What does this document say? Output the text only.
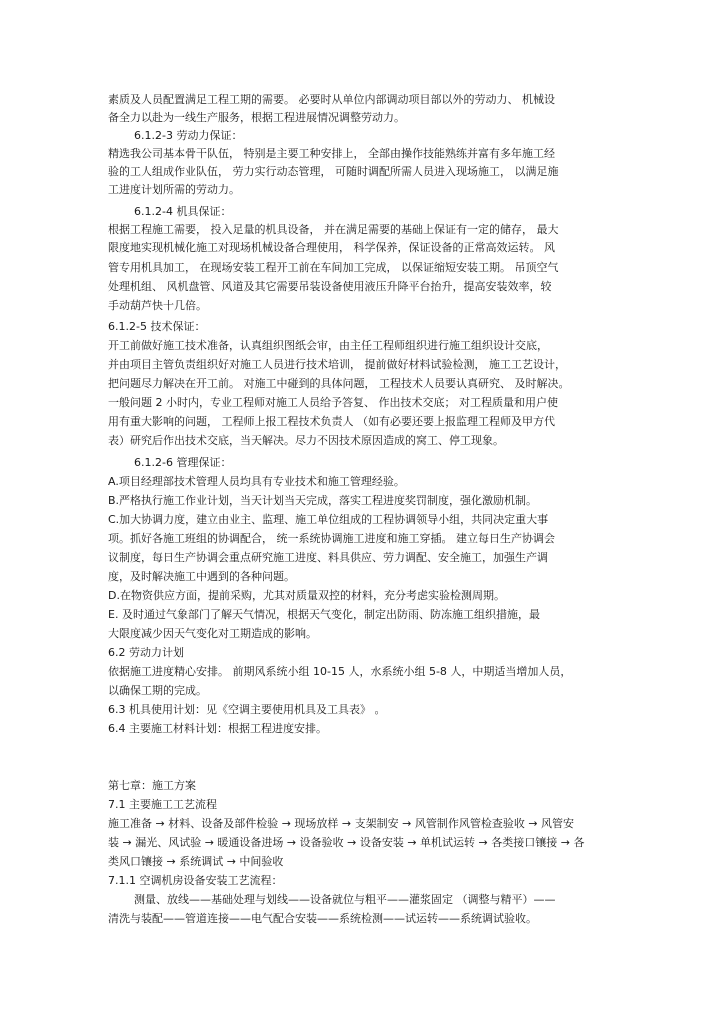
素质及人员配置满足工程工期的需要。 必要时从单位内部调动项目部以外的劳动力、 机械设
备全力以赴为一线生产服务，根据工程进展情况调整劳动力。
6.1.2-3 劳动力保证：
精选我公司基本骨干队伍， 特别是主要工种安排上， 全部由操作技能熟练并富有多年施工经
验的工人组成作业队伍， 劳力实行动态管理， 可随时调配所需人员进入现场施工， 以满足施
工进度计划所需的劳动力。
6.1.2-4 机具保证：
根据工程施工需要， 投入足量的机具设备， 并在满足需要的基础上保证有一定的储存， 最大
限度地实现机械化施工对现场机械设备合理使用， 科学保养，保证设备的正常高效运转。 风
管专用机具加工， 在现场安装工程开工前在车间加工完成， 以保证缩短安装工期。 吊顶空气
处理机组、 风机盘管、风道及其它需要吊装设备使用液压升降平台抬升，提高安装效率，较
手动葫芦快十几倍。
6.1.2-5 技术保证：
开工前做好施工技术准备，认真组织图纸会审，由主任工程师组织进行施工组织设计交底，
并由项目主管负责组织好对施工人员进行技术培训， 提前做好材料试验检测， 施工工艺设计，
把问题尽力解决在开工前。 对施工中碰到的具体问题， 工程技术人员要认真研究、 及时解决。
一般问题 2 小时内，专业工程师对施工人员给予答复、 作出技术交底； 对工程质量和用户使
用有重大影响的问题， 工程师上报工程技术负责人 （如有必要还要上报监理工程师及甲方代
表）研究后作出技术交底，当天解决。尽力不因技术原因造成的窝工、停工现象。
6.1.2-6 管理保证：
A.项目经理部技术管理人员均具有专业技术和施工管理经验。
B.严格执行施工作业计划，当天计划当天完成，落实工程进度奖罚制度，强化激励机制。
C.加大协调力度，建立由业主、监理、施工单位组成的工程协调领导小组，共同决定重大事
项。抓好各施工班组的协调配合， 统一系统协调施工进度和施工穿插。 建立每日生产协调会
议制度，每日生产协调会重点研究施工进度、料具供应、劳力调配、安全施工，加强生产调
度，及时解决施工中遇到的各种问题。
D.在物资供应方面，提前采购，尤其对质量双控的材料，充分考虑实验检测周期。
E. 及时通过气象部门了解天气情况，根据天气变化，制定出防雨、防冻施工组织措施，最
大限度减少因天气变化对工期造成的影响。
6.2 劳动力计划
依据施工进度精心安排。 前期风系统小组 10-15 人，水系统小组 5-8 人，中期适当增加人员，
以确保工期的完成。
6.3 机具使用计划：见《空调主要使用机具及工具表》 。
6.4 主要施工材料计划：根据工程进度安排。
第七章：施工方案
7.1 主要施工工艺流程
施工准备 → 材料、设备及部件检验 → 现场放样 → 支架制安 → 风管制作风管检查验收 → 风管安
装 → 漏光、风试验 → 暖通设备进场 → 设备验收 → 设备安装 → 单机试运转 → 各类接口镶接 → 各
类风口镶接 → 系统调试 → 中间验收
7.1.1 空调机房设备安装工艺流程：
测量、放线——基础处理与划线——设备就位与粗平——灌浆固定 （调整与精平）——
清洗与装配——管道连接——电气配合安装——系统检测——试运转——系统调试验收。
